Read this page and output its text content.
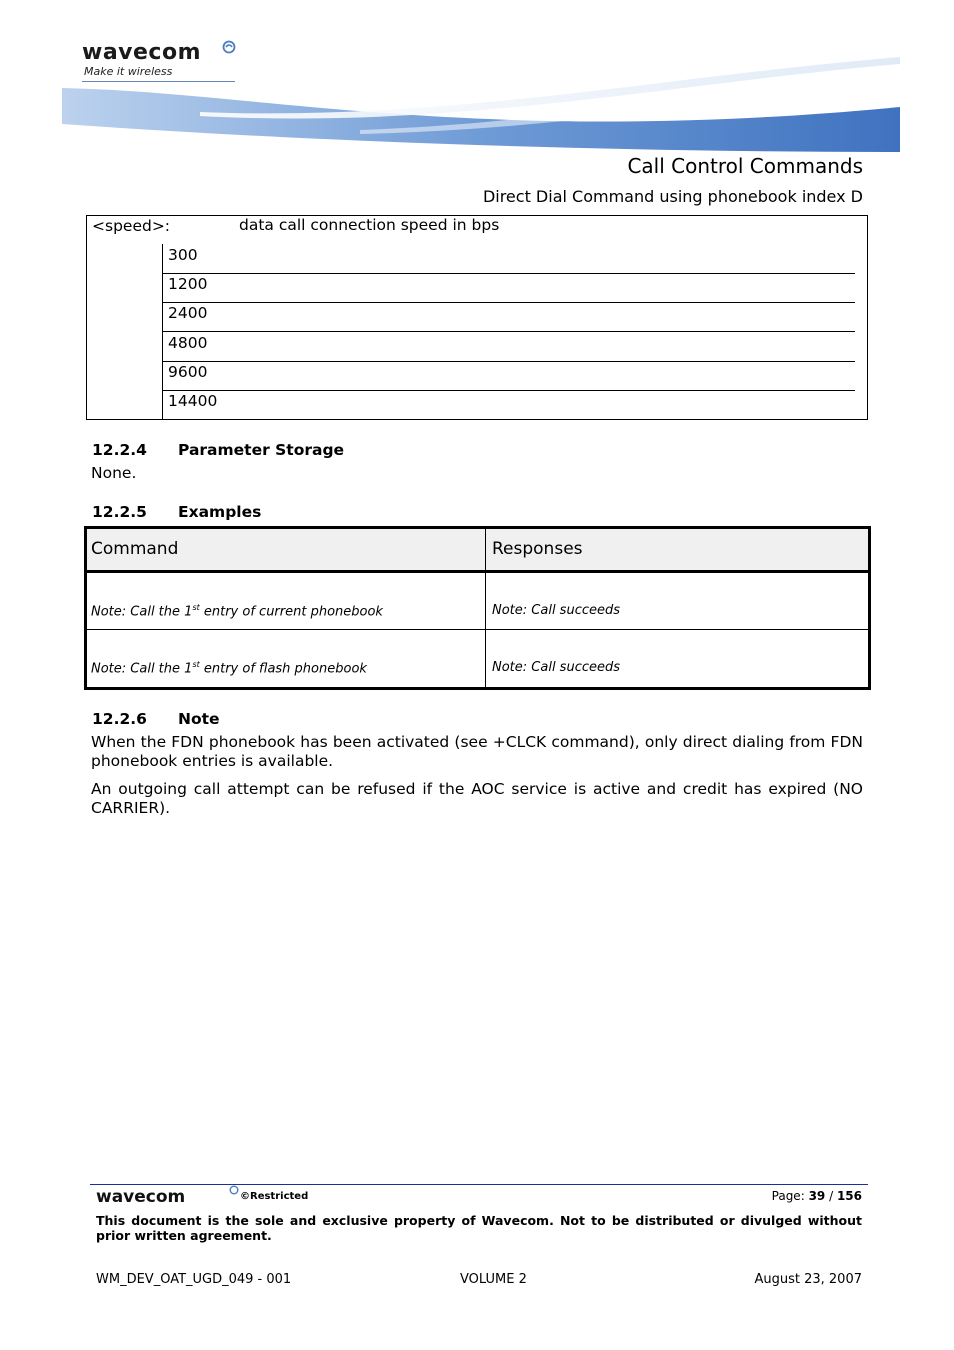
wavecom
Make it wireless
Call Control Commands
Direct Dial Command using phonebook index D
<speed>:	data call connection speed in bps
300
1200
2400
4800
9600
14400
12.2.4 Parameter Storage
None.
12.2.5 Examples
Command	Responses
Note: Call the 1st entry of current phonebook	Note: Call succeeds
Note: Call the 1st entry of flash phonebook	Note: Call succeeds
12.2.6 Note
When the FDN phonebook has been activated (see +CLCK command), only direct dialing from FDN phonebook entries is available.
An outgoing call attempt can be refused if the AOC service is active and credit has expired (NO CARRIER).
wavecom	©Restricted	Page: 39 / 156
This document is the sole and exclusive property of Wavecom. Not to be distributed or divulged without prior written agreement.
WM_DEV_OAT_UGD_049 - 001	VOLUME 2	August 23, 2007
